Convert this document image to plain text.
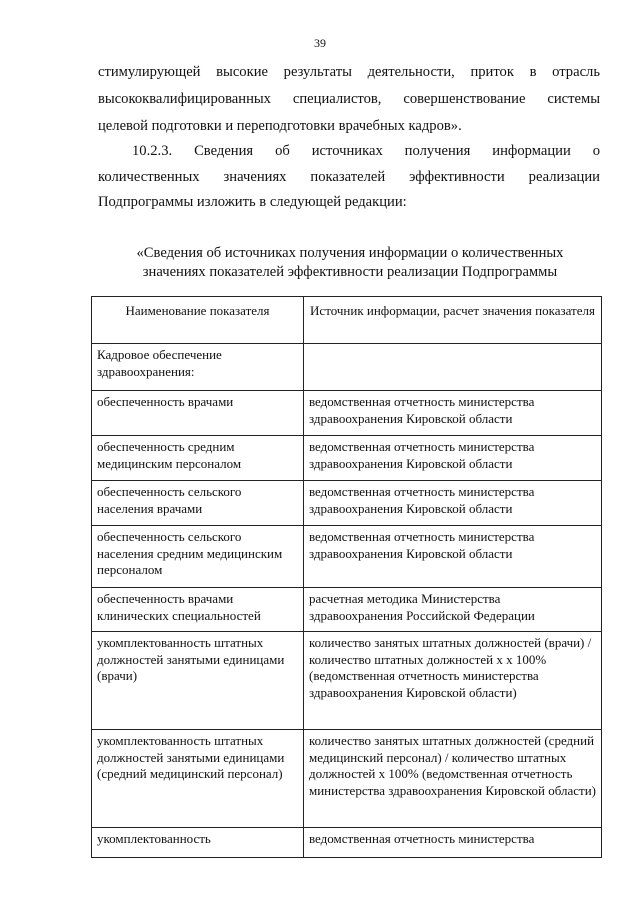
39
стимулирующей высокие результаты деятельности, приток в отрасль
высококвалифицированных специалистов, совершенствование системы
целевой подготовки и переподготовки врачебных кадров».
10.2.3. Сведения об источниках получения информации о
количественных значениях показателей эффективности реализации
Подпрограммы изложить в следующей редакции:
«Сведения об источниках получения информации о количественных
значениях показателей эффективности реализации Подпрограммы
Наименование показателя	Источник информации, расчет значения показателя
Кадровое обеспечение здравоохранения:	
обеспеченность врачами	ведомственная отчетность министерства здравоохранения Кировской области
обеспеченность средним медицинским персоналом	ведомственная отчетность министерства здравоохранения Кировской области
обеспеченность сельского населения врачами	ведомственная отчетность министерства здравоохранения Кировской области
обеспеченность сельского населения средним медицинским персоналом	ведомственная отчетность министерства здравоохранения Кировской области
обеспеченность врачами клинических специальностей	расчетная методика Министерства здравоохранения Российской Федерации
укомплектованность штатных должностей занятыми единицами (врачи)	количество занятых штатных должностей (врачи) / количество штатных должностей х х 100% (ведомственная отчетность министерства здравоохранения Кировской области)
укомплектованность штатных должностей занятыми единицами (средний медицинский персонал)	количество занятых штатных должностей (средний медицинский персонал) / количество штатных должностей х 100% (ведомственная отчетность министерства здравоохранения Кировской области)
укомплектованность	ведомственная отчетность министерства
